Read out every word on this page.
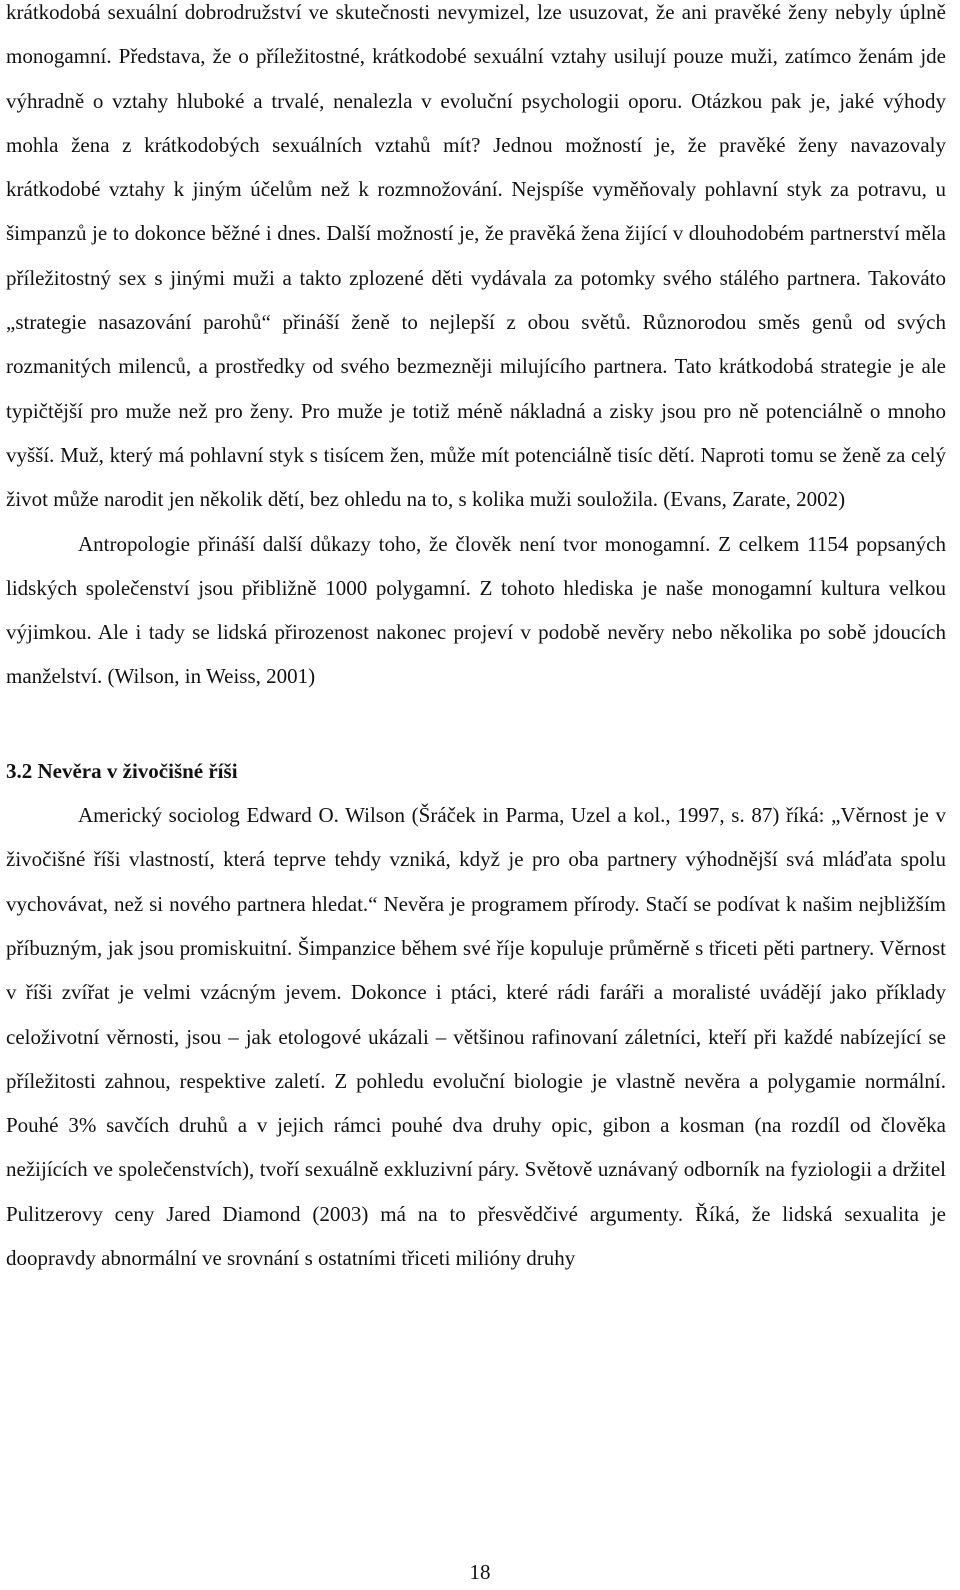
krátkodobá sexuální dobrodružství ve skutečnosti nevymizel, lze usuzovat, že ani pravěké ženy nebyly úplně monogamní. Představa, že o příležitostné, krátkodobé sexuální vztahy usilují pouze muži, zatímco ženám jde výhradně o vztahy hluboké a trvalé, nenalezla v evoluční psychologii oporu. Otázkou pak je, jaké výhody mohla žena z krátkodobých sexuálních vztahů mít? Jednou možností je, že pravěké ženy navazovaly krátkodobé vztahy k jiným účelům než k rozmnožování. Nejspíše vyměňovaly pohlavní styk za potravu, u šimpanzů je to dokonce běžné i dnes. Další možností je, že pravěká žena žijící v dlouhodobém partnerství měla příležitostný sex s jinými muži a takto zplozené děti vydávala za potomky svého stálého partnera. Takováto „strategie nasazování parohů“ přináší ženě to nejlepší z obou světů. Různorodou směs genů od svých rozmanitých milenců, a prostředky od svého bezmezněji milujícího partnera. Tato krátkodobá strategie je ale typičtější pro muže než pro ženy. Pro muže je totiž méně nákladná a zisky jsou pro ně potenciálně o mnoho vyšší. Muž, který má pohlavní styk s tisícem žen, může mít potenciálně tisíc dětí. Naproti tomu se ženě za celý život může narodit jen několik dětí, bez ohledu na to, s kolika muži souložila. (Evans, Zarate, 2002)

Antropologie přináší další důkazy toho, že člověk není tvor monogamní. Z celkem 1154 popsaných lidských společenství jsou přibližně 1000 polygamní. Z tohoto hlediska je naše monogamní kultura velkou výjimkou. Ale i tady se lidská přirozenost nakonec projeví v podobě nevěry nebo několika po sobě jdoucích manželství. (Wilson, in Weiss, 2001)

3.2 Nevěra v živočišné říši

Americký sociolog Edward O. Wilson (Šráček in Parma, Uzel a kol., 1997, s. 87) říká: „Věrnost je v živočišné říši vlastností, která teprve tehdy vzniká, když je pro oba partnery výhodnější svá mláďata spolu vychovávat, než si nového partnera hledat.“ Nevěra je programem přírody. Stačí se podívat k našim nejbližším příbuzným, jak jsou promiskuitní. Šimpanzice během své říje kopuluje průměrně s třiceti pěti partnery. Věrnost v říši zvířat je velmi vzácným jevem. Dokonce i ptáci, které rádi faráři a moralisté uvádějí jako příklady celoživotní věrnosti, jsou – jak etologové ukázali – většinou rafinovaní záletníci, kteří při každé nabízející se příležitosti zahnou, respektive zaletí. Z pohledu evoluční biologie je vlastně nevěra a polygamie normální. Pouhé 3% savčích druhů a v jejich rámci pouhé dva druhy opic, gibon a kosman (na rozdíl od člověka nežijících ve společenstvích), tvoří sexuálně exkluzivní páry. Světově uznávaný odborník na fyziologii a držitel Pulitzerovy ceny Jared Diamond (2003) má na to přesvědčivé argumenty. Říká, že lidská sexualita je doopravdy abnormální ve srovnání s ostatními třiceti milióny druhy

18
